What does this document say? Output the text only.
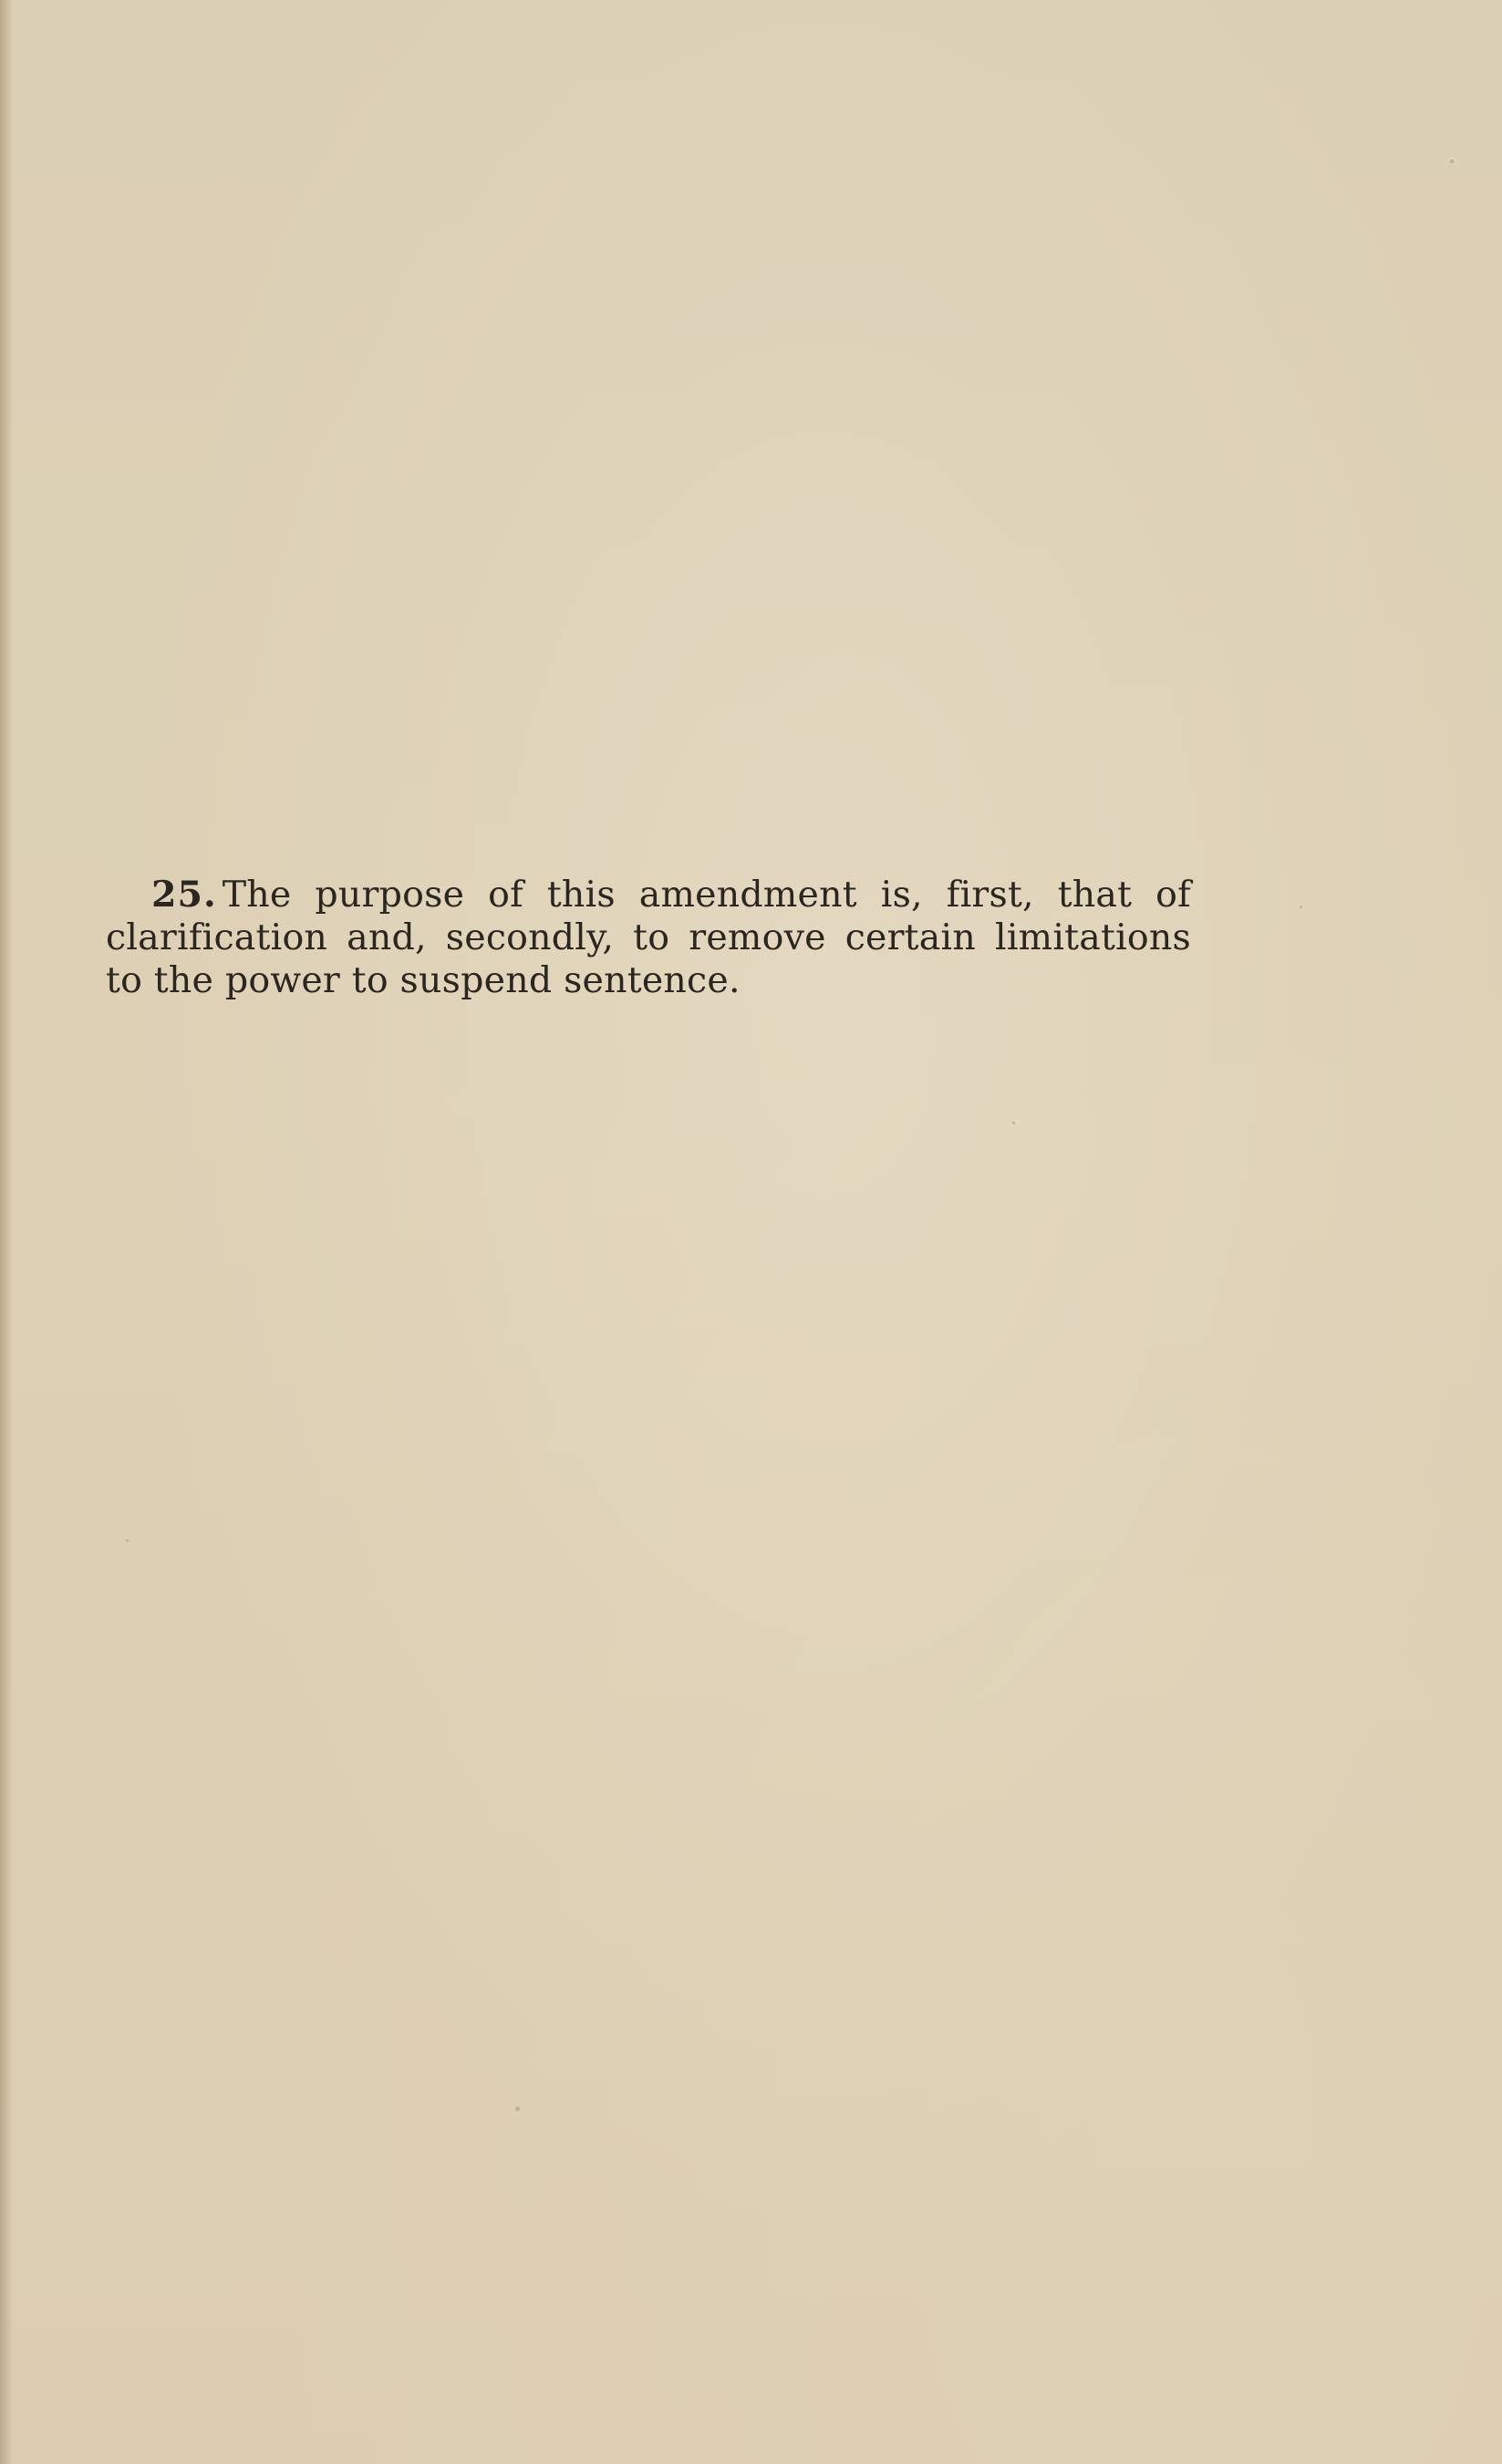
25. The purpose of this amendment is, first, that of clarification and, secondly, to remove certain limitations to the power to suspend sentence.
